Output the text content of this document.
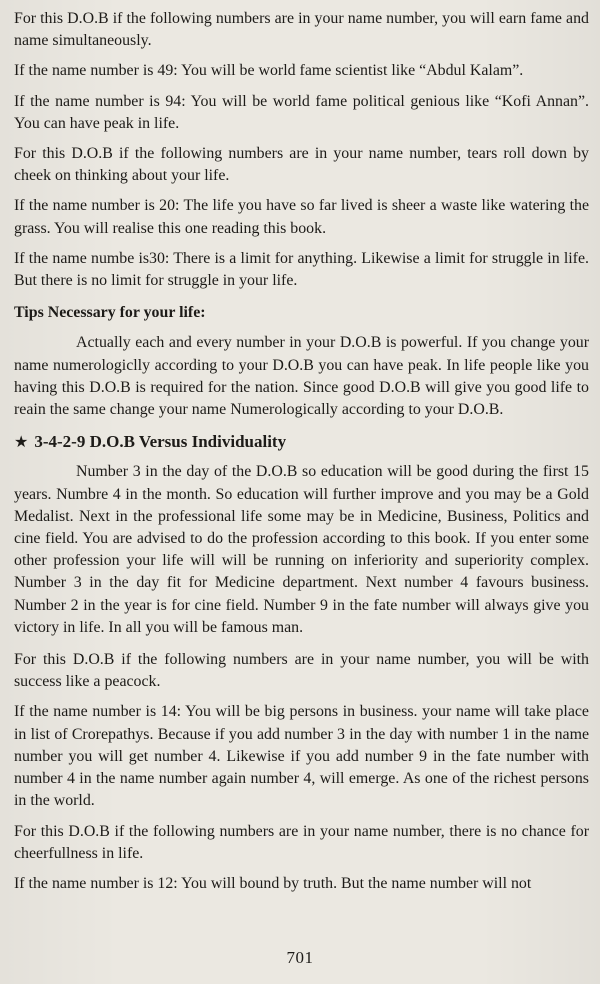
For this D.O.B if the following numbers are in your name number, you will earn fame and name simultaneously.

If the name number is 49: You will be world fame scientist like “Abdul Kalam”.

If the name number is 94: You will be world fame political genious like “Kofi Annan”. You can have peak in life.

For this D.O.B if the following numbers are in your name number, tears roll down by cheek on thinking about your life.

If the name number is 20: The life you have so far lived is sheer a waste like watering the grass. You will realise this one reading this book.

If the name numbe is30: There is a limit for anything. Likewise a limit for struggle in life. But there is no limit for struggle in your life.

Tips Necessary for your life:

Actually each and every number in your D.O.B is powerful. If you change your name numerologiclly according to your D.O.B you can have peak. In life people like you having this D.O.B is required for the nation. Since good D.O.B will give you good life to reain the same change your name Numerologically according to your D.O.B.

★ 3-4-2-9 D.O.B Versus Individuality

Number 3 in the day of the D.O.B so education will be good during the first 15 years. Numbre 4 in the month. So education will further improve and you may be a Gold Medalist. Next in the professional life some may be in Medicine, Business, Politics and cine field. You are advised to do the profession according to this book. If you enter some other profession your life will will be running on inferiority and superiority complex. Number 3 in the day fit for Medicine department. Next number 4 favours business. Number 2 in the year is for cine field. Number 9 in the fate number will always give you victory in life. In all you will be famous man.

For this D.O.B if the following numbers are in your name number, you will be with success like a peacock.

If the name number is 14: You will be big persons in business. your name will take place in list of Crorepathys. Because if you add number 3 in the day with number 1 in the name number you will get number 4. Likewise if you add number 9 in the fate number with number 4 in the name number again number 4, will emerge. As one of the richest persons in the world.

For this D.O.B if the following numbers are in your name number, there is no chance for cheerfullness in life.

If the name number is 12: You will bound by truth. But the name number will not

701
